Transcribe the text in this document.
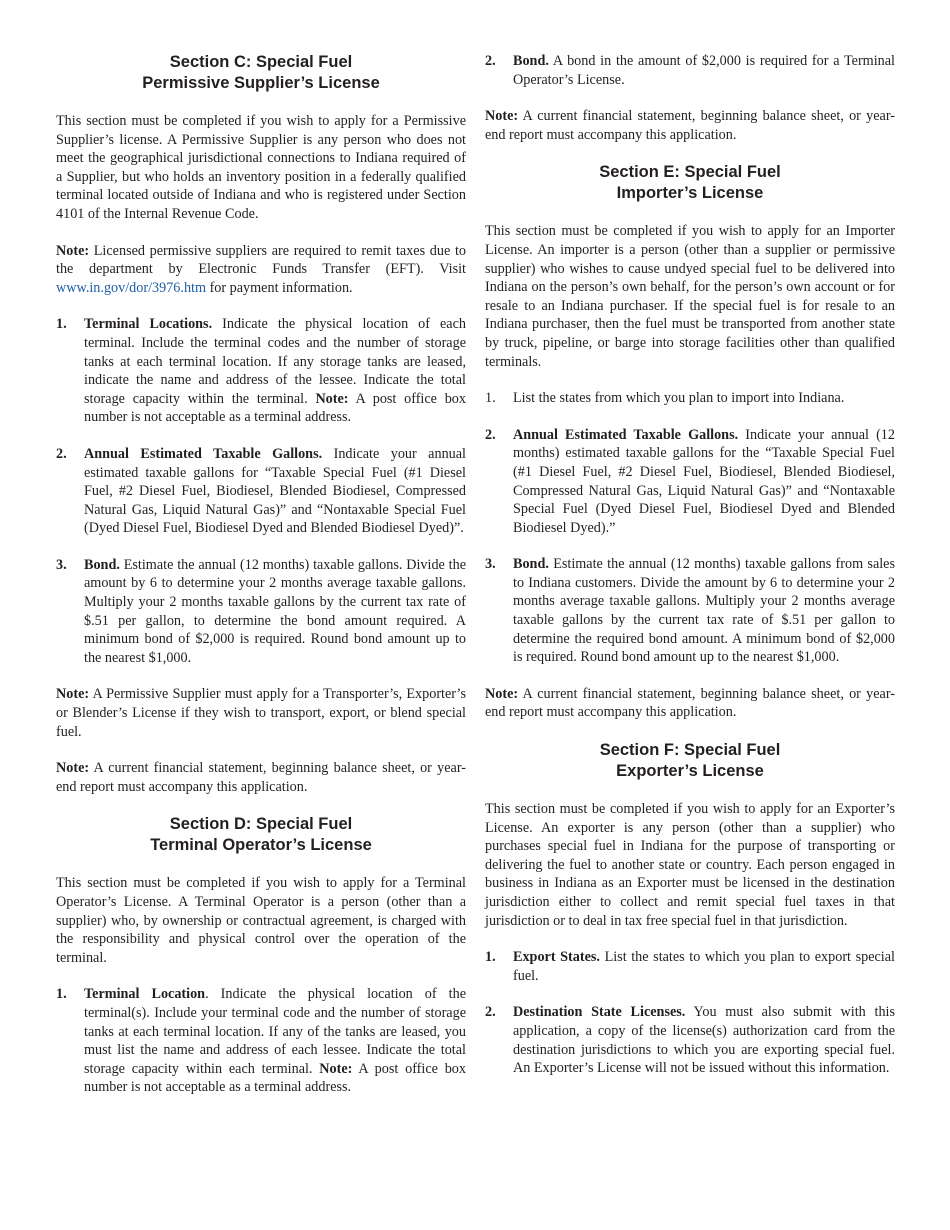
Section C: Special Fuel
Permissive Supplier’s License

This section must be completed if you wish to apply for a Permissive Supplier’s license. A Permissive Supplier is any person who does not meet the geographical jurisdictional connections to Indiana required of a Supplier, but who holds an inventory position in a federally qualified terminal located outside of Indiana and who is registered under Section 4101 of the Internal Revenue Code.

Note: Licensed permissive suppliers are required to remit taxes due to the department by Electronic Funds Transfer (EFT). Visit www.in.gov/dor/3976.htm for payment information.

1. Terminal Locations. Indicate the physical location of each terminal. Include the terminal codes and the number of storage tanks at each terminal location. If any storage tanks are leased, indicate the name and address of the lessee. Indicate the total storage capacity within the terminal. Note: A post office box number is not acceptable as a terminal address.
2. Annual Estimated Taxable Gallons. Indicate your annual estimated taxable gallons for “Taxable Special Fuel (#1 Diesel Fuel, #2 Diesel Fuel, Biodiesel, Blended Biodiesel, Compressed Natural Gas, Liquid Natural Gas)” and “Nontaxable Special Fuel (Dyed Diesel Fuel, Biodiesel Dyed and Blended Biodiesel Dyed)”.
3. Bond. Estimate the annual (12 months) taxable gallons. Divide the amount by 6 to determine your 2 months average taxable gallons. Multiply your 2 months taxable gallons by the current tax rate of $.51 per gallon, to determine the bond amount required. A minimum bond of $2,000 is required. Round bond amount up to the nearest $1,000.

Note: A Permissive Supplier must apply for a Transporter’s, Exporter’s or Blender’s License if they wish to transport, export, or blend special fuel.

Note: A current financial statement, beginning balance sheet, or year-end report must accompany this application.

Section D: Special Fuel
Terminal Operator’s License

This section must be completed if you wish to apply for a Terminal Operator’s License. A Terminal Operator is a person (other than a supplier) who, by ownership or contractual agreement, is charged with the responsibility and physical control over the operation of the terminal.

1. Terminal Location. Indicate the physical location of the terminal(s). Include your terminal code and the number of storage tanks at each terminal location. If any of the tanks are leased, you must list the name and address of each lessee. Indicate the total storage capacity within each terminal. Note: A post office box number is not acceptable as a terminal address.
2. Bond. A bond in the amount of $2,000 is required for a Terminal Operator’s License.

Note: A current financial statement, beginning balance sheet, or year-end report must accompany this application.

Section E: Special Fuel
Importer’s License

This section must be completed if you wish to apply for an Importer License. An importer is a person (other than a supplier or permissive supplier) who wishes to cause undyed special fuel to be delivered into Indiana on the person’s own behalf, for the person’s own account or for resale to an Indiana purchaser. If the special fuel is for resale to an Indiana purchaser, then the fuel must be transported from another state by truck, pipeline, or barge into storage facilities other than qualified terminals.

1. List the states from which you plan to import into Indiana.
2. Annual Estimated Taxable Gallons. Indicate your annual (12 months) estimated taxable gallons for the “Taxable Special Fuel (#1 Diesel Fuel, #2 Diesel Fuel, Biodiesel, Blended Biodiesel, Compressed Natural Gas, Liquid Natural Gas)” and “Nontaxable Special Fuel (Dyed Diesel Fuel, Biodiesel Dyed and Blended Biodiesel Dyed).”
3. Bond. Estimate the annual (12 months) taxable gallons from sales to Indiana customers. Divide the amount by 6 to determine your 2 months average taxable gallons. Multiply your 2 months average taxable gallons by the current tax rate of $.51 per gallon to determine the required bond amount. A minimum bond of $2,000 is required. Round bond amount up to the nearest $1,000.

Note: A current financial statement, beginning balance sheet, or year-end report must accompany this application.

Section F: Special Fuel
Exporter’s License

This section must be completed if you wish to apply for an Exporter’s License. An exporter is any person (other than a supplier) who purchases special fuel in Indiana for the purpose of transporting or delivering the fuel to another state or country. Each person engaged in business in Indiana as an Exporter must be licensed in the destination jurisdiction either to collect and remit special fuel taxes in that jurisdiction or to deal in tax free special fuel in that jurisdiction.

1. Export States. List the states to which you plan to export special fuel.
2. Destination State Licenses. You must also submit with this application, a copy of the license(s) authorization card from the destination jurisdictions to which you are exporting special fuel. An Exporter’s License will not be issued without this information.
